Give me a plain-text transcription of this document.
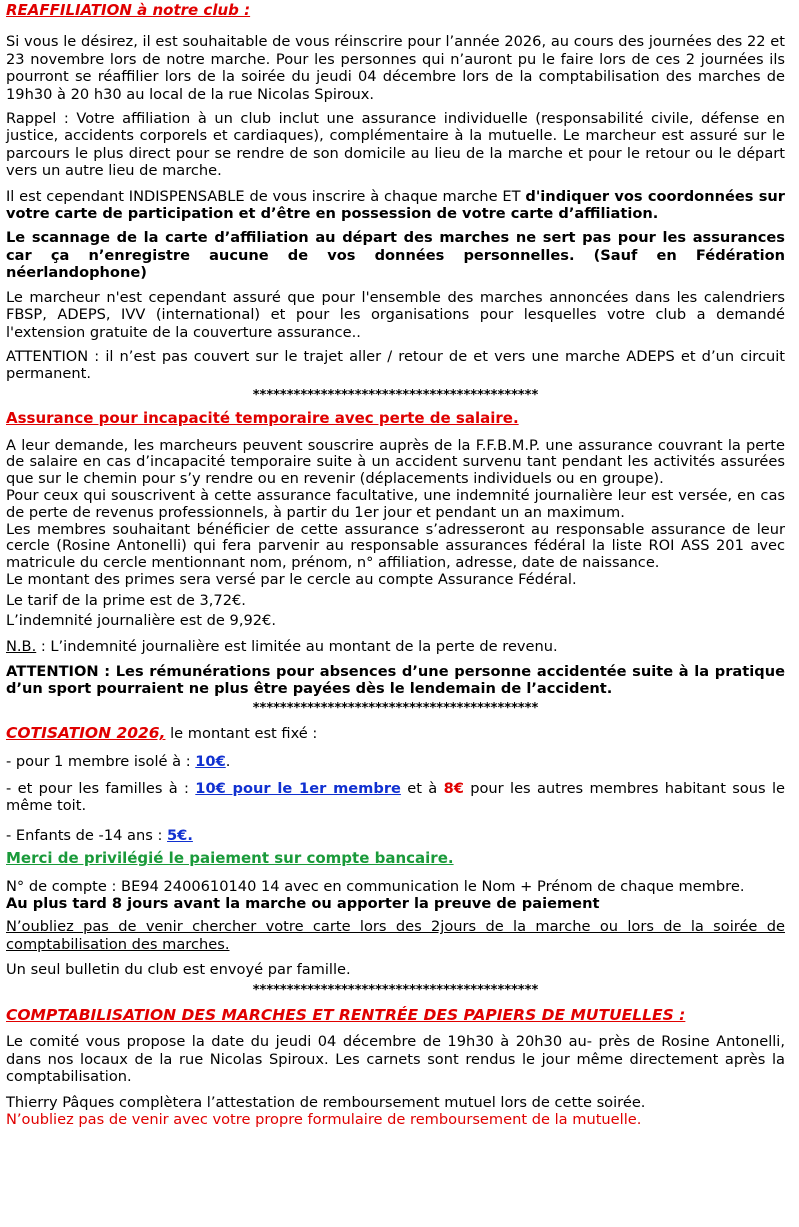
REAFFILIATION à notre club :

Si vous le désirez, il est souhaitable de vous réinscrire pour l’année 2026, au cours des journées des 22 et 23 novembre lors de notre marche. Pour les personnes qui n’auront pu le faire lors de ces 2 journées ils pourront se réaffilier lors de la soirée du jeudi 04 décembre lors de la comptabilisation des marches de 19h30 à 20 h30 au local de la rue Nicolas Spiroux.

Rappel : Votre affiliation à un club inclut une assurance individuelle (responsabilité civile, défense en justice, accidents corporels et cardiaques), complémentaire à la mutuelle. Le marcheur est assuré sur le parcours le plus direct pour se rendre de son domicile au lieu de la marche et pour le retour ou le départ vers un autre lieu de marche.

Il est cependant INDISPENSABLE de vous inscrire à chaque marche ET d'indiquer vos coordonnées sur votre carte de participation et d’être en possession de votre carte d’affiliation.

Le scannage de la carte d’affiliation au départ des marches ne sert pas pour les assurances car ça n’enregistre aucune de vos données personnelles. (Sauf en Fédération néerlandophone)

Le marcheur n'est cependant assuré que pour l'ensemble des marches annoncées dans les calendriers FBSP, ADEPS, IVV (international) et pour les organisations pour lesquelles votre club a demandé l'extension gratuite de la couverture assurance..

ATTENTION : il n’est pas couvert sur le trajet aller / retour de et vers une marche ADEPS et d’un circuit permanent.

******************************************

Assurance pour incapacité temporaire avec perte de salaire.

A leur demande, les marcheurs peuvent souscrire auprès de la F.F.B.M.P. une assurance couvrant la perte de salaire en cas d’incapacité temporaire suite à un accident survenu tant pendant les activités assurées que sur le chemin pour s’y rendre ou en revenir (déplacements individuels ou en groupe).

Pour ceux qui souscrivent à cette assurance facultative, une indemnité journalière leur est versée, en cas de perte de revenus professionnels, à partir du 1er jour et pendant un an maximum.

Les membres souhaitant bénéficier de cette assurance s’adresseront au responsable assurance de leur cercle (Rosine Antonelli) qui fera parvenir au responsable assurances fédéral la liste ROI ASS 201 avec matricule du cercle mentionnant nom, prénom, n° affiliation, adresse, date de naissance.

Le montant des primes sera versé par le cercle au compte Assurance Fédéral.

Le tarif de la prime est de 3,72€.

L’indemnité journalière est de 9,92€.

N.B. : L’indemnité journalière est limitée au montant de la perte de revenu.

ATTENTION : Les rémunérations pour absences d’une personne accidentée suite à la pratique d’un sport pourraient ne plus être payées dès le lendemain de l’accident.

******************************************

COTISATION 2026, le montant est fixé :

- pour 1 membre isolé à : 10€.

- et pour les familles à : 10€ pour le 1er membre et à 8€ pour les autres membres habitant sous le même toit.

- Enfants de -14 ans : 5€.

Merci de privilégié le paiement sur compte bancaire.

N° de compte : BE94 2400610140 14 avec en communication le Nom + Prénom de chaque membre.

Au plus tard 8 jours avant la marche ou apporter la preuve de paiement

N’oubliez pas de venir chercher votre carte lors des 2jours de la marche ou lors de la soirée de comptabilisation des marches.

Un seul bulletin du club est envoyé par famille.

******************************************

COMPTABILISATION DES MARCHES ET RENTRÉE DES PAPIERS DE MUTUELLES :

Le comité vous propose la date du jeudi 04 décembre de 19h30 à 20h30 au- près de Rosine Antonelli, dans nos locaux de la rue Nicolas Spiroux. Les carnets sont rendus le jour même directement après la comptabilisation.

Thierry Pâques complètera l’attestation de remboursement mutuel lors de cette soirée.

N’oubliez pas de venir avec votre propre formulaire de remboursement de la mutuelle.
